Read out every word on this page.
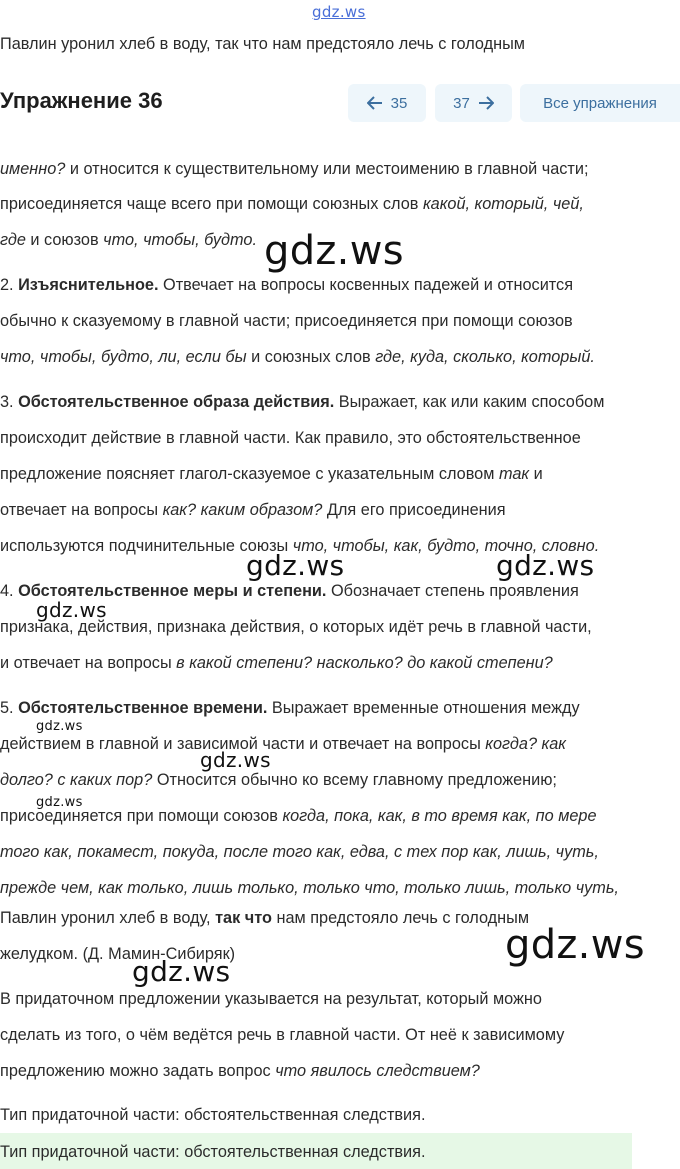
gdz.ws
Павлин уронил хлеб в воду, так что нам предстояло лечь с голодным
Упражнение 36	35	37	Все упражнения
именно? и относится к существительному или местоимению в главной части;
присоединяется чаще всего при помощи союзных слов какой, который, чей,
где и союзов что, чтобы, будто.
2. Изъяснительное. Отвечает на вопросы косвенных падежей и относится
обычно к сказуемому в главной части; присоединяется при помощи союзов
что, чтобы, будто, ли, если бы и союзных слов где, куда, сколько, который.
3. Обстоятельственное образа действия. Выражает, как или каким способом
происходит действие в главной части. Как правило, это обстоятельственное
предложение поясняет глагол-сказуемое с указательным словом так и
отвечает на вопросы как? каким образом? Для его присоединения
используются подчинительные союзы что, чтобы, как, будто, точно, словно.
4. Обстоятельственное меры и степени. Обозначает степень проявления
признака, действия, признака действия, о которых идёт речь в главной части,
и отвечает на вопросы в какой степени? насколько? до какой степени?
5. Обстоятельственное времени. Выражает временные отношения между
действием в главной и зависимой части и отвечает на вопросы когда? как
долго? с каких пор? Относится обычно ко всему главному предложению;
присоединяется при помощи союзов когда, пока, как, в то время как, по мере
того как, покамест, покуда, после того как, едва, с тех пор как, лишь, чуть,
прежде чем, как только, лишь только, только что, только лишь, только чуть,
Павлин уронил хлеб в воду, так что нам предстояло лечь с голодным
желудком. (Д. Мамин-Сибиряк)
В придаточном предложении указывается на результат, который можно
сделать из того, о чём ведётся речь в главной части. От неё к зависимому
предложению можно задать вопрос что явилось следствием?
Тип придаточной части: обстоятельственная следствия.
Тип придаточной части: обстоятельственная следствия.
gdz.ws
gdz.ws	gdz.ws
gdz.ws
gdz.ws
gdz.ws
gdz.ws
gdz.ws
gdz.ws
